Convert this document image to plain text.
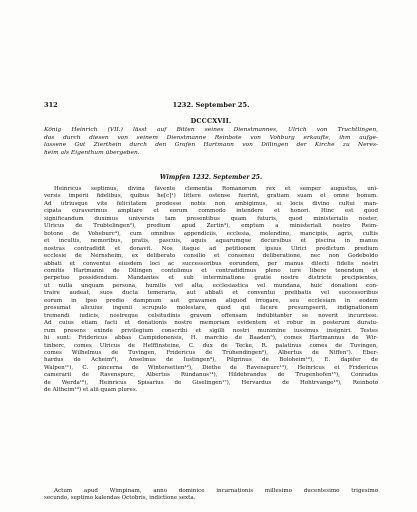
312	1232. September 25.
DCCCXVII.
König Heinrich (VII.) lässt auf Bitten seines Dienstmannes, Ulrich von Truchtlingen,
das durch diesen von seinem Dienstmanne Reinbote von Vohburg erkaufte, ihm aufge-
lassene Gut Zierthein durch den Grafen Hartmann von Dillingen der Kirche zu Neres-
heim als Eigenthum übergeben.
Wimpfen 1232. September 25.
Heinricus septimus, divina favente clementia Romanorum rex et semper augustus, uni-
versis imperii fidelibus, quibus he[c]¹) littere ostense fuerint, gratiam suam et omne bonum.
Ad utriusque vite felicitatem prodesse nobis non ambigimus, si locis divino cultui man-
cipata curaverimus ampliare et eorum commodo intendere et honori. Hinc est quod
significandum duximus universis tam presentibus quam futuris, quod ministerialis noster,
Ulricus de Trubtelingen²), predium apud Zertin³), emptum a ministeriali nostro Reim-
botone de Voheburc⁴), cum omnibus appendiciis, ecclesia, molendino, mancipiis, agris, cultis
et incultis, nemoribus, pratis, pascuis, aquis aquarumque decursibus et piscina in manus
nostras contradidit et donavit. Nos itaque ad petitionem ipsius Ulrici predictum predium
ecclesie de Nernsheim, ex deliberato consilio et consensu deliberatione, nec non Godeboldo
abbati et conventui eiusdem loci ac successoribus eorundem, per manus dilecti fidelis nostri
comitis Hartmanni de Dilingen contulimus et contradidimus pleno iure libere tenendum et
perpetuo possidendum. Mandantes et sub interminatione gratie nostre districte precipientes,
ut nulla unquam persona, humilis vel alta, ecclesiastica vel mundana, huic donationi con-
traire audeat, suos ducta temeraria, aut abbati et conventui prelibatis vel successoribus
eorum in ipso predio dampnum aut gravamen aliquod irrogare, seu ecclesiam in eodem
presumat alicuius ingenii scrupulo molestare, quod qui facere presumpserit, indignationem
tremendi iudicis, nostreque celsitudinis gravem offensam indubitanter se noverit incurrisse.
Ad cuius etiam facti et donationis nostre memoriam evidentem et robur in posterum duratu-
rum presens exinde privilegium conscribi et sigilli nostri munimine iussimus insigniri. Testes
hi sunt: Fridericus abbas Campidonensis, H. marchio de Baaden⁵), comes Hartmannus de Wir-
tinberc, comes Ulricus de Helffinsteine, C. dux de Tecke, R. palatinus comes de Tuvingen,
comes Wilhelmus de Tuvingen, Fridericus de Truhendingen⁶), Albertus de Niffen⁷). Eber-
hardus de Acheim⁸), Anselmus de Iustingen⁹), Pilgrinus de Boloheim¹⁰), E. dapifer de
Walpen¹¹), C. pincerna de Wintersetten¹²), Diethe de Ravenspurc¹³), Heinricus et Fridericus
camerarii de Ravenspurc, Albertus Rûndanus¹⁴), Hildebrandus de Trugenhofen¹⁵), Conradus
de Werda¹⁶), Heinricus Spisarius de Giselingen¹⁷), Hervardus de Hohtrvange¹⁸), Reinboto
de Altheim¹⁹) et alii quam plures.
Actum apud Wimpinam, anno dominice incarnationis millesimo ducentesimo trigesimo
secundo, septimo kalendas Octobris, indictione sexta.
